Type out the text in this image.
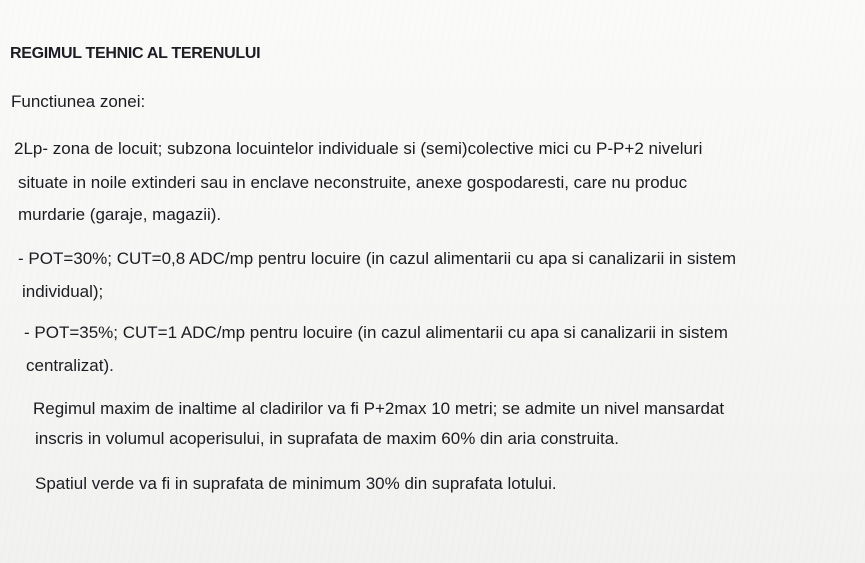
REGIMUL TEHNIC AL TERENULUI
Functiunea zonei:
2Lp- zona de locuit; subzona locuintelor individuale si (semi)colective mici cu P-P+2 niveluri
situate in noile extinderi sau in enclave neconstruite, anexe gospodaresti, care nu produc
murdarie (garaje, magazii).
- POT=30%; CUT=0,8 ADC/mp pentru locuire (in cazul alimentarii cu apa si canalizarii in sistem
individual);
- POT=35%; CUT=1 ADC/mp pentru locuire (in cazul alimentarii cu apa si canalizarii in sistem
centralizat).
Regimul maxim de inaltime al cladirilor va fi P+2max 10 metri; se admite un nivel mansardat
inscris in volumul acoperisului, in suprafata de maxim 60% din aria construita.
Spatiul verde va fi in suprafata de minimum 30% din suprafata lotului.
